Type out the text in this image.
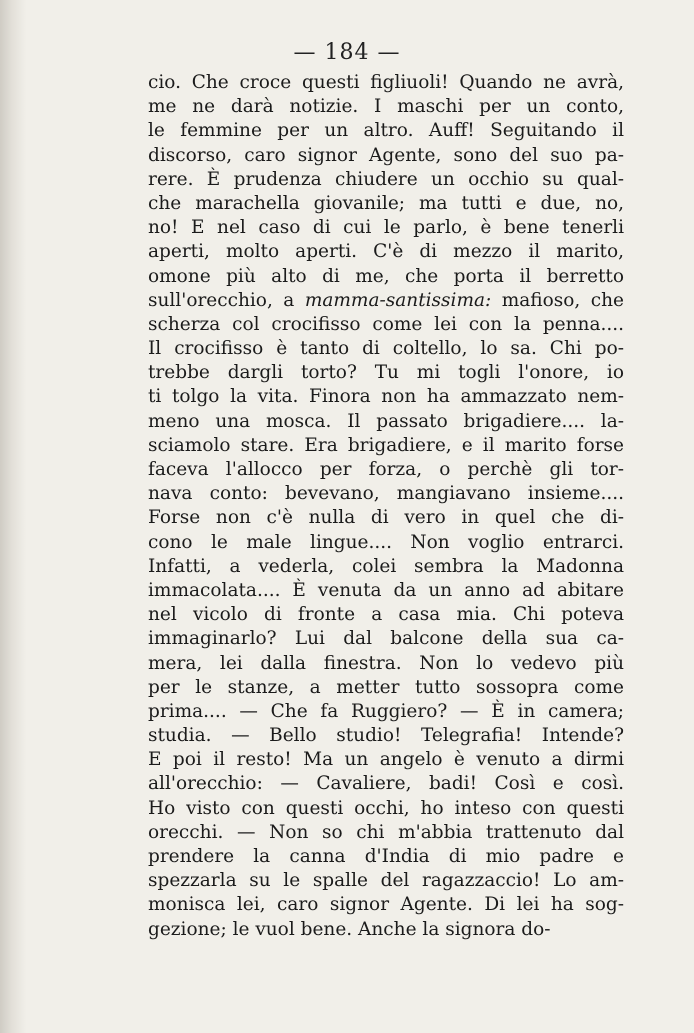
— 184 —
cio. Che croce questi figliuoli! Quando ne avrà,
me ne darà notizie. I maschi per un conto,
le femmine per un altro. Auff! Seguitando il
discorso, caro signor Agente, sono del suo pa-
rere. È prudenza chiudere un occhio su qual-
che marachella giovanile; ma tutti e due, no,
no! E nel caso di cui le parlo, è bene tenerli
aperti, molto aperti. C'è di mezzo il marito,
omone più alto di me, che porta il berretto
sull'orecchio, a mamma-santissima: mafioso, che
scherza col crocifisso come lei con la penna....
Il crocifisso è tanto di coltello, lo sa. Chi po-
trebbe dargli torto? Tu mi togli l'onore, io
ti tolgo la vita. Finora non ha ammazzato nem-
meno una mosca. Il passato brigadiere.... la-
sciamolo stare. Era brigadiere, e il marito forse
faceva l'allocco per forza, o perchè gli tor-
nava conto: bevevano, mangiavano insieme....
Forse non c'è nulla di vero in quel che di-
cono le male lingue.... Non voglio entrarci.
Infatti, a vederla, colei sembra la Madonna
immacolata.... È venuta da un anno ad abitare
nel vicolo di fronte a casa mia. Chi poteva
immaginarlo? Lui dal balcone della sua ca-
mera, lei dalla finestra. Non lo vedevo più
per le stanze, a metter tutto sossopra come
prima.... — Che fa Ruggiero? — È in camera;
studia. — Bello studio! Telegrafia! Intende?
E poi il resto! Ma un angelo è venuto a dirmi
all'orecchio: — Cavaliere, badi! Così e così.
Ho visto con questi occhi, ho inteso con questi
orecchi. — Non so chi m'abbia trattenuto dal
prendere la canna d'India di mio padre e
spezzarla su le spalle del ragazzaccio! Lo am-
monisca lei, caro signor Agente. Di lei ha sog-
gezione; le vuol bene. Anche la signora do-
